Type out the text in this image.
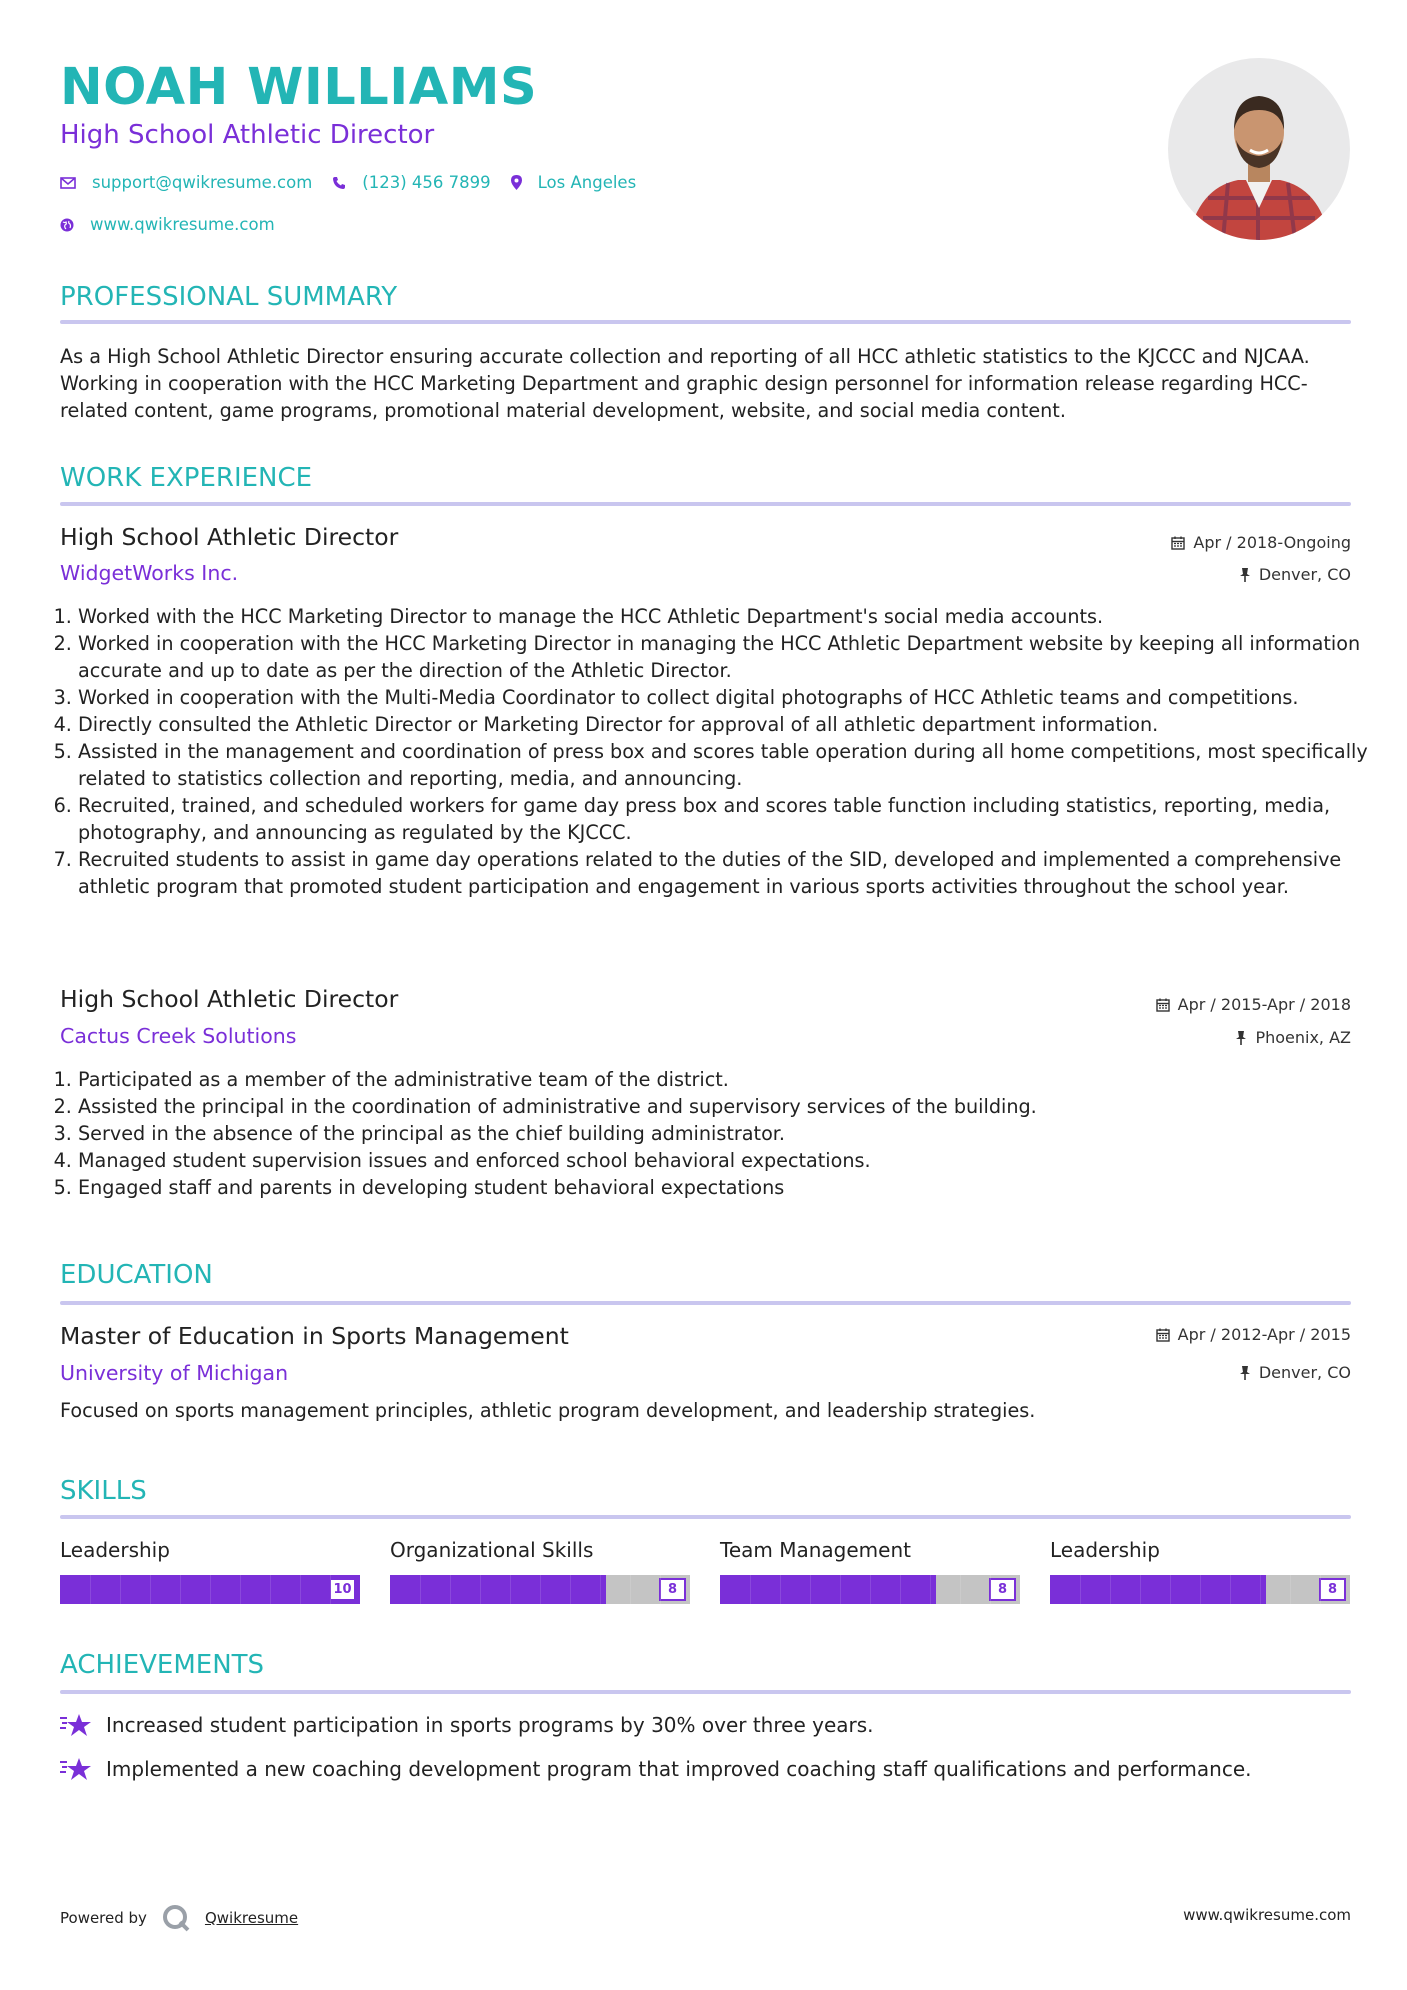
NOAH WILLIAMS
High School Athletic Director
support@qwikresume.com	(123) 456 7899	Los Angeles
www.qwikresume.com
PROFESSIONAL SUMMARY
As a High School Athletic Director ensuring accurate collection and reporting of all HCC athletic statistics to the KJCCC and NJCAA. Working in cooperation with the HCC Marketing Department and graphic design personnel for information release regarding HCC-related content, game programs, promotional material development, website, and social media content.
WORK EXPERIENCE
High School Athletic Director	Apr / 2018-Ongoing
WidgetWorks Inc.	Denver, CO
1. Worked with the HCC Marketing Director to manage the HCC Athletic Department's social media accounts.
2. Worked in cooperation with the HCC Marketing Director in managing the HCC Athletic Department website by keeping all information accurate and up to date as per the direction of the Athletic Director.
3. Worked in cooperation with the Multi-Media Coordinator to collect digital photographs of HCC Athletic teams and competitions.
4. Directly consulted the Athletic Director or Marketing Director for approval of all athletic department information.
5. Assisted in the management and coordination of press box and scores table operation during all home competitions, most specifically related to statistics collection and reporting, media, and announcing.
6. Recruited, trained, and scheduled workers for game day press box and scores table function including statistics, reporting, media, photography, and announcing as regulated by the KJCCC.
7. Recruited students to assist in game day operations related to the duties of the SID, developed and implemented a comprehensive athletic program that promoted student participation and engagement in various sports activities throughout the school year.
High School Athletic Director	Apr / 2015-Apr / 2018
Cactus Creek Solutions	Phoenix, AZ
1. Participated as a member of the administrative team of the district.
2. Assisted the principal in the coordination of administrative and supervisory services of the building.
3. Served in the absence of the principal as the chief building administrator.
4. Managed student supervision issues and enforced school behavioral expectations.
5. Engaged staff and parents in developing student behavioral expectations
EDUCATION
Master of Education in Sports Management	Apr / 2012-Apr / 2015
University of Michigan	Denver, CO
Focused on sports management principles, athletic program development, and leadership strategies.
SKILLS
Leadership
10
Organizational Skills
8
Team Management
8
Leadership
8
ACHIEVEMENTS
Increased student participation in sports programs by 30% over three years.
Implemented a new coaching development program that improved coaching staff qualifications and performance.
Powered by	Qwikresume	www.qwikresume.com
